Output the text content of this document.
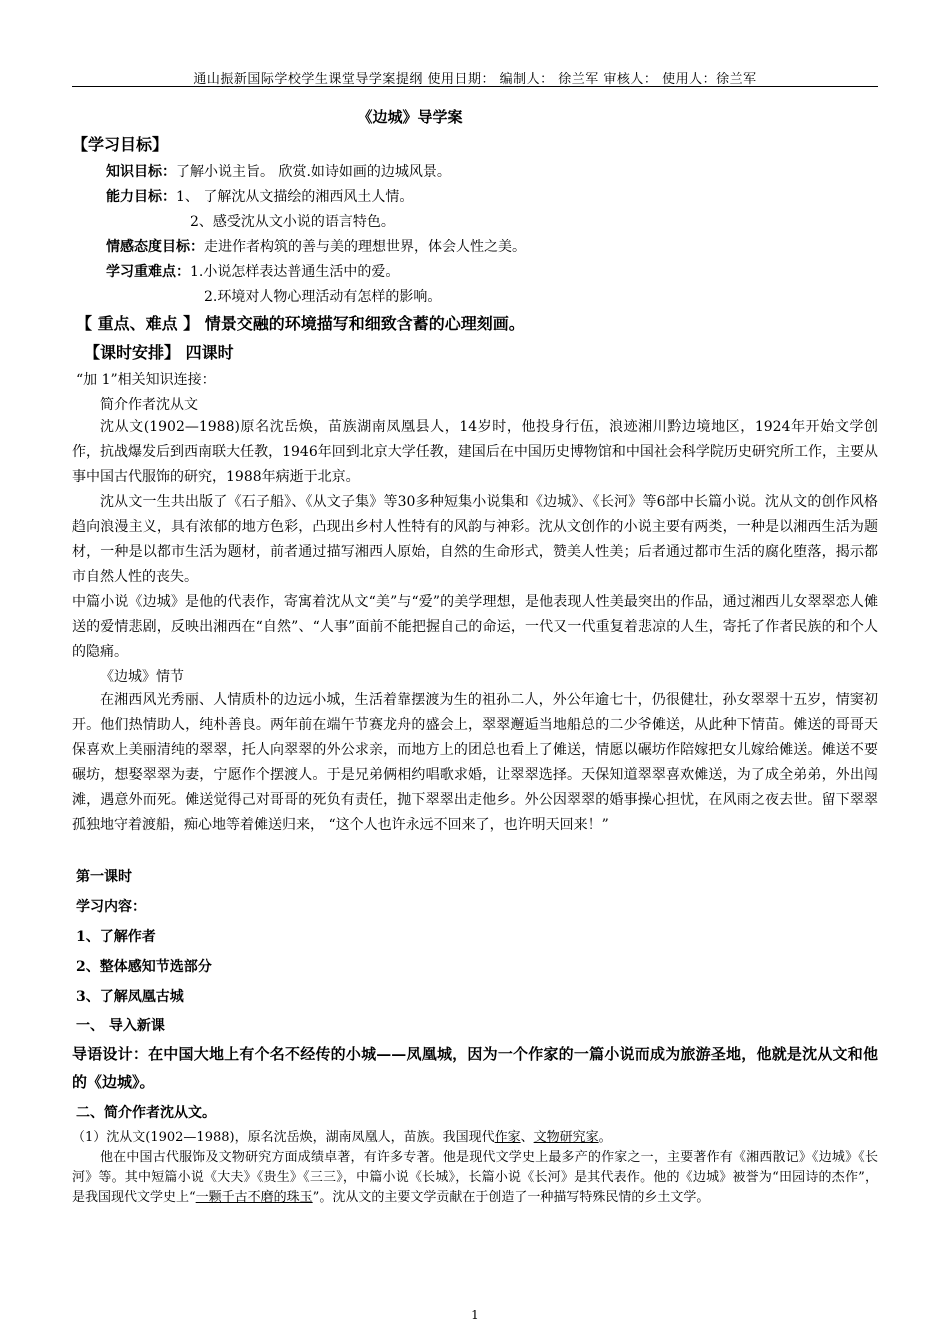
通山振新国际学校学生课堂导学案提纲 使用日期： 编制人： 徐兰军 审核人： 使用人：徐兰军
《边城》导学案
【学习目标】
知识目标：了解小说主旨。 欣赏.如诗如画的边城风景。
能力目标：1、 了解沈从文描绘的湘西风土人情。
2、感受沈从文小说的语言特色。
情感态度目标：走进作者构筑的善与美的理想世界，体会人性之美。
学习重难点：1.小说怎样表达普通生活中的爱。
2.环境对人物心理活动有怎样的影响。
【 重点、难点 】 情景交融的环境描写和细致含蓄的心理刻画。
【课时安排】 四课时
“加 1”相关知识连接：
简介作者沈从文
沈从文(1902—1988)原名沈岳焕，苗族湖南凤凰县人，14岁时，他投身行伍，浪迹湘川黔边境地区，1924年开始文学创作，抗战爆发后到西南联大任教，1946年回到北京大学任教，建国后在中国历史博物馆和中国社会科学院历史研究所工作，主要从事中国古代服饰的研究，1988年病逝于北京。
沈从文一生共出版了《石子船》、《从文子集》等30多种短集小说集和《边城》、《长河》等6部中长篇小说。沈从文的创作风格趋向浪漫主义，具有浓郁的地方色彩，凸现出乡村人性特有的风韵与神彩。沈从文创作的小说主要有两类，一种是以湘西生活为题材，一种是以都市生活为题材，前者通过描写湘西人原始，自然的生命形式，赞美人性美；后者通过都市生活的腐化堕落，揭示都市自然人性的丧失。
中篇小说《边城》是他的代表作，寄寓着沈从文“美”与“爱”的美学理想，是他表现人性美最突出的作品，通过湘西儿女翠翠恋人傩送的爱情悲剧，反映出湘西在“自然”、“人事”面前不能把握自己的命运，一代又一代重复着悲凉的人生，寄托了作者民族的和个人的隐痛。
《边城》情节
在湘西风光秀丽、人情质朴的边远小城，生活着靠摆渡为生的祖孙二人，外公年逾七十，仍很健壮，孙女翠翠十五岁，情窦初开。他们热情助人，纯朴善良。两年前在端午节赛龙舟的盛会上，翠翠邂逅当地船总的二少爷傩送，从此种下情苗。傩送的哥哥天保喜欢上美丽清纯的翠翠，托人向翠翠的外公求亲，而地方上的团总也看上了傩送，情愿以碾坊作陪嫁把女儿嫁给傩送。傩送不要碾坊，想娶翠翠为妻，宁愿作个摆渡人。于是兄弟俩相约唱歌求婚，让翠翠选择。天保知道翠翠喜欢傩送，为了成全弟弟，外出闯滩，遇意外而死。傩送觉得己对哥哥的死负有责任，抛下翠翠出走他乡。外公因翠翠的婚事操心担忧，在风雨之夜去世。留下翠翠孤独地守着渡船，痴心地等着傩送归来， “这个人也许永远不回来了，也许明天回来！”
第一课时
学习内容：
1、了解作者
2、整体感知节选部分
3、了解凤凰古城
一、 导入新课
导语设计：在中国大地上有个名不经传的小城——凤凰城，因为一个作家的一篇小说而成为旅游圣地，他就是沈从文和他的《边城》。
二、简介作者沈从文。
（1）沈从文(1902—1988)，原名沈岳焕，湖南凤凰人，苗族。我国现代作家、文物研究家。
他在中国古代服饰及文物研究方面成绩卓著，有许多专著。他是现代文学史上最多产的作家之一，主要著作有《湘西散记》《边城》《长河》等。其中短篇小说《大夫》《贵生》《三三》，中篇小说《长城》，长篇小说《长河》是其代表作。他的《边城》被誉为“田园诗的杰作”，是我国现代文学史上“一颗千古不磨的珠玉”。沈从文的主要文学贡献在于创造了一种描写特殊民情的乡土文学。
1
